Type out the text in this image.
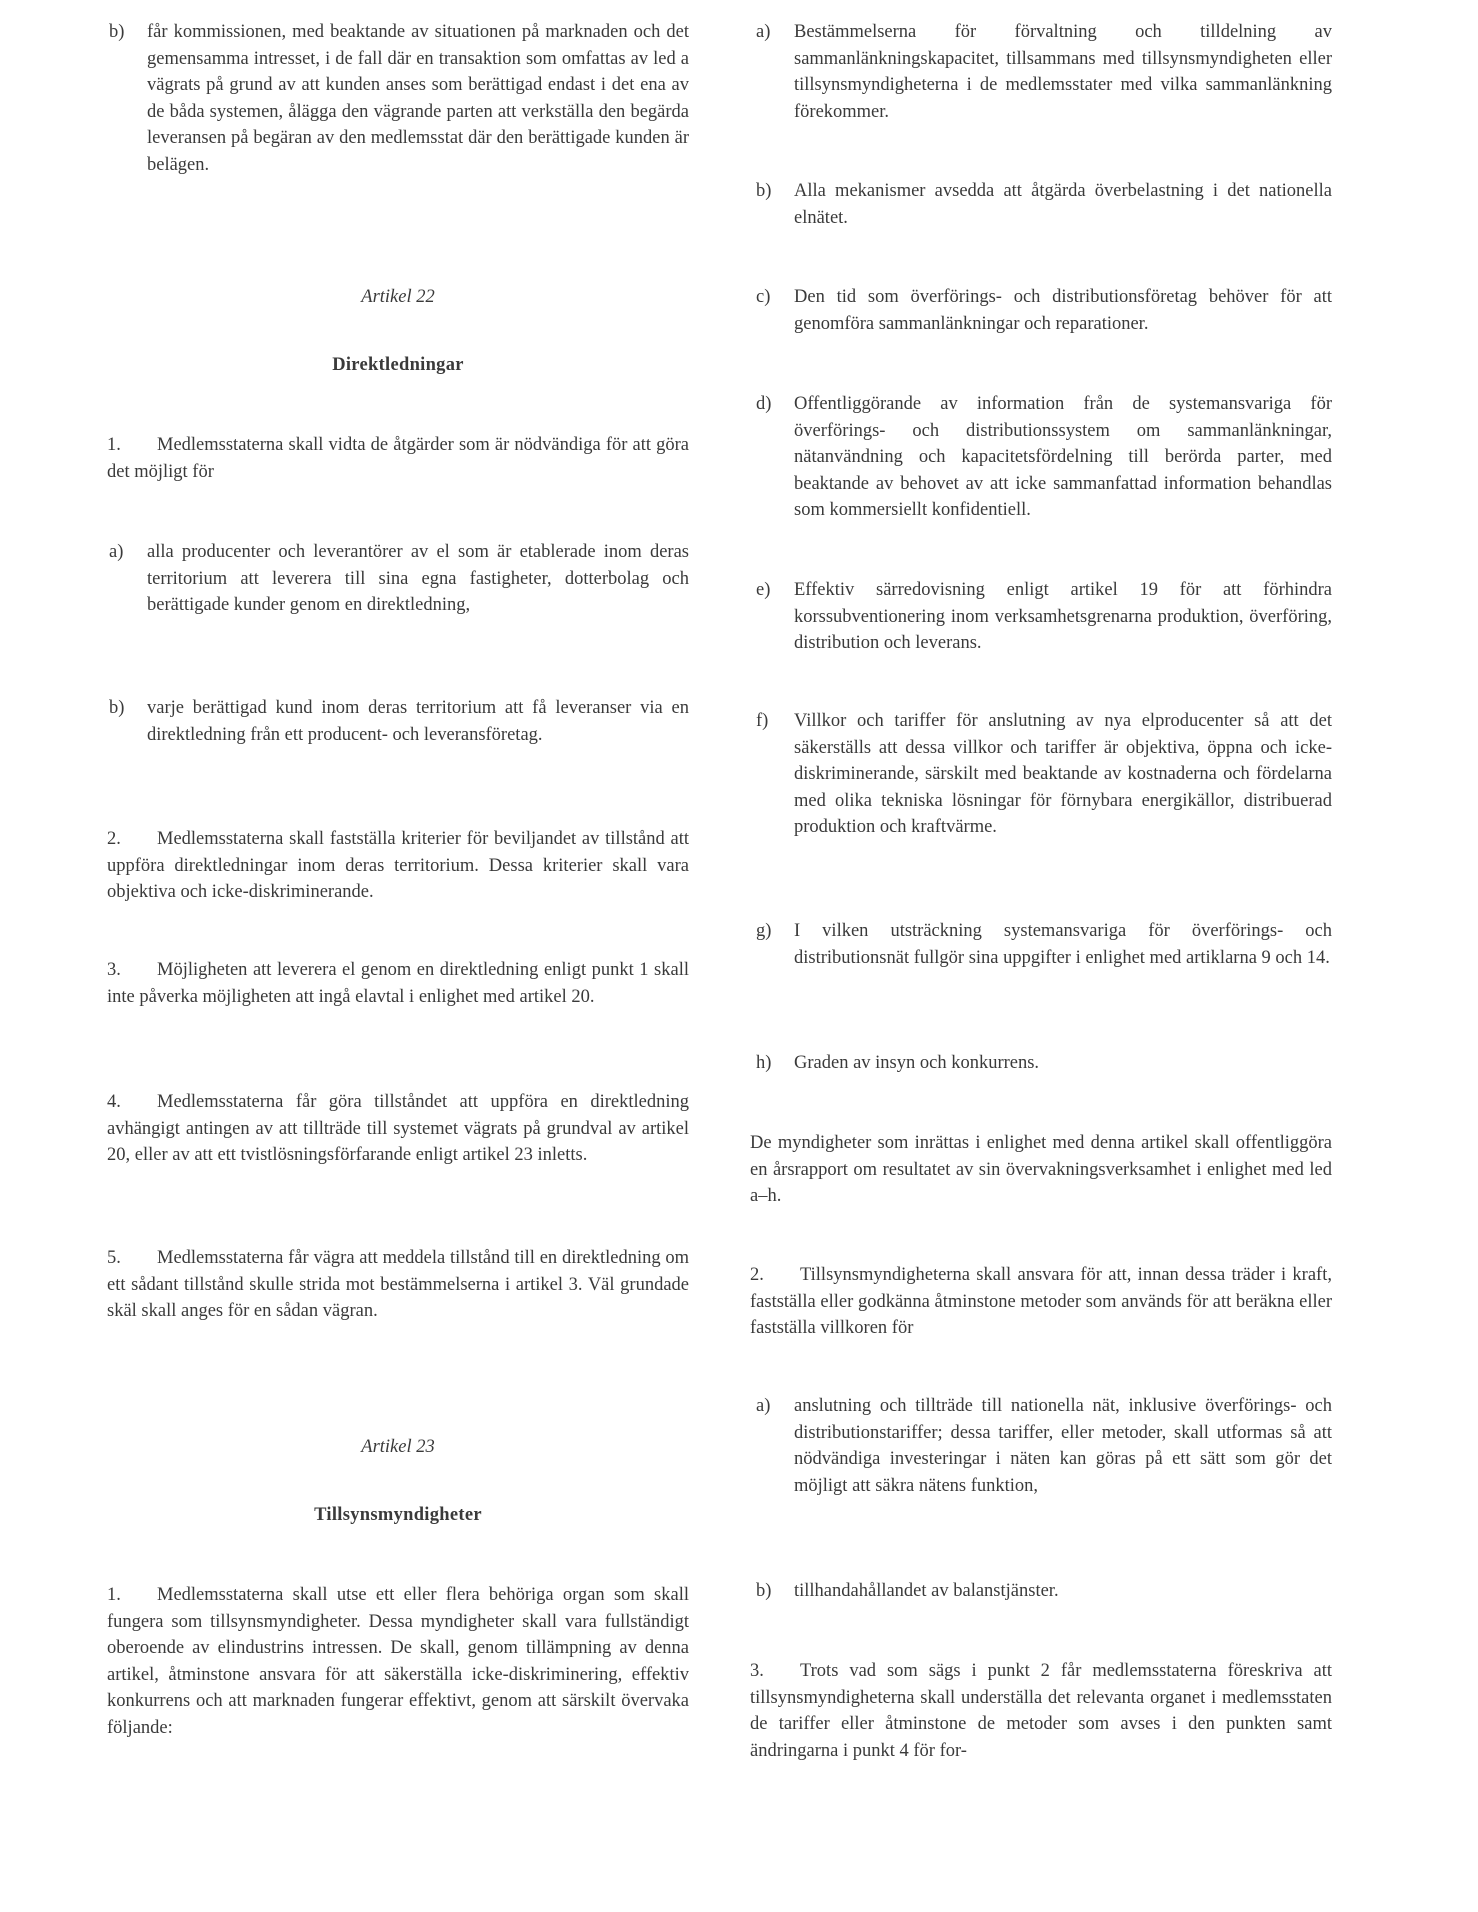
b)	får kommissionen, med beaktande av situationen på marknaden och det gemensamma intresset, i de fall där en transaktion som omfattas av led a vägrats på grund av att kunden anses som berättigad endast i det ena av de båda systemen, ålägga den vägrande parten att verkställa den begärda leveransen på begäran av den medlemsstat där den berättigade kunden är belägen.
Artikel 22
Direktledningar
1. Medlemsstaterna skall vidta de åtgärder som är nödvändiga för att göra det möjligt för
a)	alla producenter och leverantörer av el som är etablerade inom deras territorium att leverera till sina egna fastigheter, dotterbolag och berättigade kunder genom en direktledning,
b)	varje berättigad kund inom deras territorium att få leveranser via en direktledning från ett producent- och leveransföretag.
2. Medlemsstaterna skall fastställa kriterier för beviljandet av tillstånd att uppföra direktledningar inom deras territorium. Dessa kriterier skall vara objektiva och icke-diskriminerande.
3. Möjligheten att leverera el genom en direktledning enligt punkt 1 skall inte påverka möjligheten att ingå elavtal i enlighet med artikel 20.
4. Medlemsstaterna får göra tillståndet att uppföra en direktledning avhängigt antingen av att tillträde till systemet vägrats på grundval av artikel 20, eller av att ett tvistlösningsförfarande enligt artikel 23 inletts.
5. Medlemsstaterna får vägra att meddela tillstånd till en direktledning om ett sådant tillstånd skulle strida mot bestämmelserna i artikel 3. Väl grundade skäl skall anges för en sådan vägran.
Artikel 23
Tillsynsmyndigheter
1. Medlemsstaterna skall utse ett eller flera behöriga organ som skall fungera som tillsynsmyndigheter. Dessa myndigheter skall vara fullständigt oberoende av elindustrins intressen. De skall, genom tillämpning av denna artikel, åtminstone ansvara för att säkerställa icke-diskriminering, effektiv konkurrens och att marknaden fungerar effektivt, genom att särskilt övervaka följande:
a)	Bestämmelserna för förvaltning och tilldelning av sammanlänkningskapacitet, tillsammans med tillsynsmyndigheten eller tillsynsmyndigheterna i de medlemsstater med vilka sammanlänkning förekommer.
b)	Alla mekanismer avsedda att åtgärda överbelastning i det nationella elnätet.
c)	Den tid som överförings- och distributionsföretag behöver för att genomföra sammanlänkningar och reparationer.
d)	Offentliggörande av information från de systemansvariga för överförings- och distributionssystem om sammanlänkningar, nätanvändning och kapacitetsfördelning till berörda parter, med beaktande av behovet av att icke sammanfattad information behandlas som kommersiellt konfidentiell.
e)	Effektiv särredovisning enligt artikel 19 för att förhindra korssubventionering inom verksamhetsgrenarna produktion, överföring, distribution och leverans.
f)	Villkor och tariffer för anslutning av nya elproducenter så att det säkerställs att dessa villkor och tariffer är objektiva, öppna och icke-diskriminerande, särskilt med beaktande av kostnaderna och fördelarna med olika tekniska lösningar för förnybara energikällor, distribuerad produktion och kraftvärme.
g)	I vilken utsträckning systemansvariga för överförings- och distributionsnät fullgör sina uppgifter i enlighet med artiklarna 9 och 14.
h)	Graden av insyn och konkurrens.
De myndigheter som inrättas i enlighet med denna artikel skall offentliggöra en årsrapport om resultatet av sin övervakningsverksamhet i enlighet med led a–h.
2. Tillsynsmyndigheterna skall ansvara för att, innan dessa träder i kraft, fastställa eller godkänna åtminstone metoder som används för att beräkna eller fastställa villkoren för
a)	anslutning och tillträde till nationella nät, inklusive överförings- och distributionstariffer; dessa tariffer, eller metoder, skall utformas så att nödvändiga investeringar i näten kan göras på ett sätt som gör det möjligt att säkra nätens funktion,
b)	tillhandahållandet av balanstjänster.
3. Trots vad som sägs i punkt 2 får medlemsstaterna föreskriva att tillsynsmyndigheterna skall underställa det relevanta organet i medlemsstaten de tariffer eller åtminstone de metoder som avses i den punkten samt ändringarna i punkt 4 för for-
